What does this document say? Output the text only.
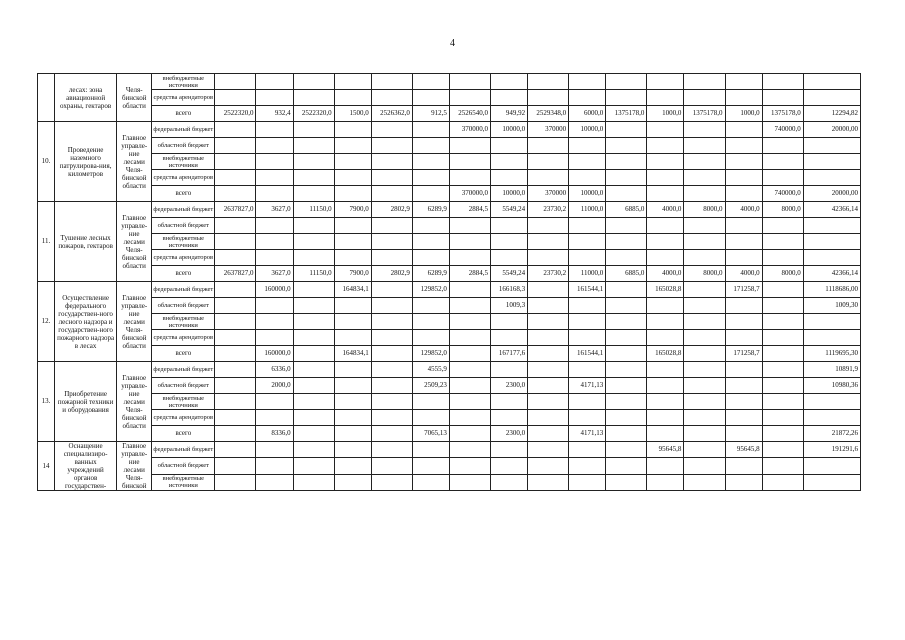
4
	лесах: зона авиационной охраны, гектаров	Челя-бинской области	внебюджетные источники																
			средства арендаторов																
			всего	2522320,0	932,4	2522320,0	1500,0	2526362,0	912,5	2526540,0	949,92	2529348,0	6000,0	1375178,0	1000,0	1375178,0	1000,0	1375178,0	12294,82
10.	Проведение наземного патрулирова-ния, километров	Главное управле-ние лесами Челя-бинской области	федеральный бюджет							370000,0	10000,0	370000	10000,0					740000,0	20000,00
			областной бюджет																
			внебюджетные источники																
			средства арендаторов																
			всего							370000,0	10000,0	370000	10000,0					740000,0	20000,00
11.	Тушение лесных пожаров, гектаров	Главное управле-ние лесами Челя-бинской области	федеральный бюджет	2637827,0	3627,0	11150,0	7900,0	2802,9	6289,9	2884,5	5549,24	23730,2	11000,0	6885,0	4000,0	8000,0	4000,0	8000,0	42366,14
			областной бюджет																
			внебюджетные источники																
			средства арендаторов																
			всего	2637827,0	3627,0	11150,0	7900,0	2802,9	6289,9	2884,5	5549,24	23730,2	11000,0	6885,0	4000,0	8000,0	4000,0	8000,0	42366,14
12.	Осуществление федерального государствен-ного лесного надзора и государствен-ного пожарного надзора в лесах	Главное управле-ние лесами Челя-бинской области	федеральный бюджет		160000,0		164834,1		129852,0		166168,3		161544,1		165028,8		171258,7		1118686,00
			областной бюджет								1009,3								1009,30
			внебюджетные источники																
			средства арендаторов																
			всего		160000,0		164834,1		129852,0		167177,6		161544,1		165028,8		171258,7		1119695,30
13.	Приобретение пожарной техники и оборудования	Главное управле-ние лесами Челя-бинской области	федеральный бюджет		6336,0				4555,9										10891,9
			областной бюджет		2000,0				2509,23		2300,0		4171,13						10980,36
			внебюджетные источники																
			средства арендаторов																
			всего		8336,0				7065,13		2300,0		4171,13						21872,26
14	Оснащение специализиро-ванных учреждений органов государствен-	Главное управле-ние лесами Челя-бинской	федеральный бюджет												95645,8		95645,8		191291,6
			областной бюджет																
			внебюджетные источники																
